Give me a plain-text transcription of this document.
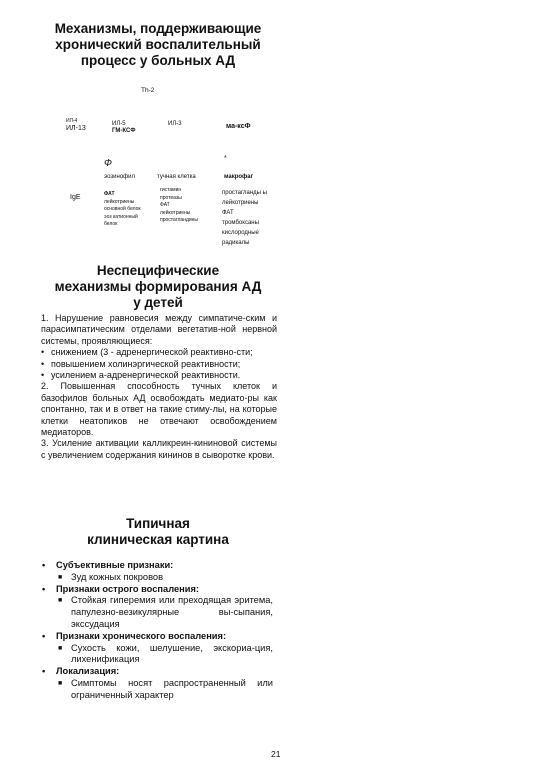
Механизмы, поддерживающие
хронический воспалительный
процесс у больных АД
Th-2
ИЛ-4
ИЛ-13
ИЛ-5
ГМ-КСФ
ИЛ-3	ма-ксФ
*
Ф
эозинофил	тучная клетка	макрофаг
IgE	ФАТ
лейкотриены
основной белок
эоз катионный
белок
гистамин
протеазы
ФАТ
лейкотриены
простагландины
простагланды ы
лейкотриены
ФАТ
тромбоксаны
кислородные
радикалы
Неспецифические
механизмы формирования АД
у детей

1. Нарушение равновесия между симпатиче-ским и парасимпатическим отделами вегетатив-ной нервной системы, проявляющиеся:

• снижением (3 - адренергической реактивно-сти;
• повышением холинэргической реактивности;
• усилением а-адренергической реактивности.

2. Повышенная способность тучных клеток и базофилов больных АД освобождать медиато-ры как спонтанно, так и в ответ на такие стиму-лы, на которые клетки неатопиков не отвечают освобождением медиаторов.

3. Усиление активации калликреин-кининовой системы с увеличением содержания кининов в сыворотке крови.

Типичная
клиническая картина
•	Субъективные признаки:
■ Зуд кожных покровов
•	Признаки острого воспаления:
■ Стойкая гиперемия или преходящая эритема, папулезно-везикулярные вы-сыпания, экссудация
•	Признаки хронического воспаления:
■ Сухость кожи, шелушение, экскориа-ция, лихенификация
•	Локализация:
■ Симптомы носят распространенный или ограниченный характер
21
